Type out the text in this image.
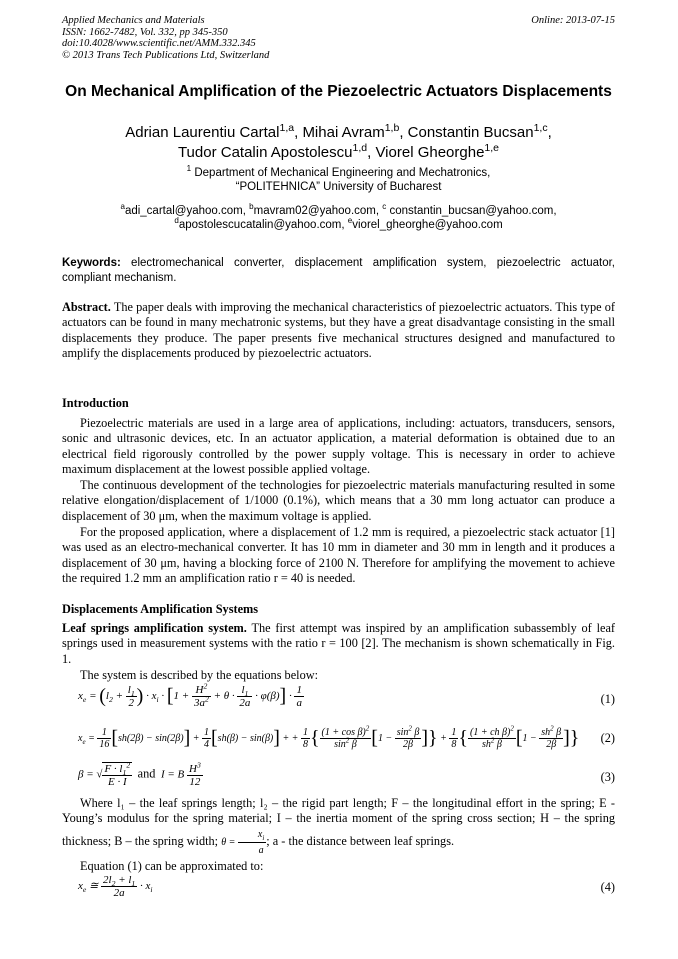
Applied Mechanics and Materials
ISSN: 1662-7482, Vol. 332, pp 345-350
doi:10.4028/www.scientific.net/AMM.332.345
© 2013 Trans Tech Publications Ltd, Switzerland
Online: 2013-07-15
On Mechanical Amplification of the Piezoelectric Actuators Displacements
Adrian Laurentiu Cartal$^{1,a}$, Mihai Avram$^{1,b}$, Constantin Bucsan$^{1,c}$,
Tudor Catalin Apostolescu$^{1,d}$, Viorel Gheorghe$^{1,e}$
$^1$ Department of Mechanical Engineering and Mechatronics,
“POLITEHNICA” University of Bucharest
$^a$adi_cartal@yahoo.com, $^b$mavram02@yahoo.com, $^c$ constantin_bucsan@yahoo.com,
$^d$apostolescucatalin@yahoo.com, $^e$viorel_gheorghe@yahoo.com
Keywords: electromechanical converter, displacement amplification system, piezoelectric actuator, compliant mechanism.
Abstract. The paper deals with improving the mechanical characteristics of piezoelectric actuators. This type of actuators can be found in many mechatronic systems, but they have a great disadvantage consisting in the small displacements they produce. The paper presents five mechanical structures designed and manufactured to amplify the displacements produced by piezoelectric actuators.
Introduction
Piezoelectric materials are used in a large area of applications, including: actuators, transducers, sensors, sonic and ultrasonic devices, etc. In an actuator application, a material deformation is obtained due to an electrical field rigorously controlled by the power supply voltage. This is necessary in order to achieve maximum displacement at the lowest possible applied voltage.
The continuous development of the technologies for piezoelectric materials manufacturing resulted in some relative elongation/displacement of 1/1000 (0.1%), which means that a 30 mm long actuator can produce a displacement of 30 μm, when the maximum voltage is applied.
For the proposed application, where a displacement of 1.2 mm is required, a piezoelectric stack actuator [1] was used as an electro-mechanical converter. It has 10 mm in diameter and 30 mm in length and it produces a displacement of 30 μm, having a blocking force of 2100 N. Therefore for amplifying the movement to achieve the required 1.2 mm an amplification ratio r = 40 is needed.
Displacements Amplification Systems
Leaf springs amplification system. The first attempt was inspired by an amplification subassembly of leaf springs used in measurement systems with the ratio r = 100 [2]. The mechanism is shown schematically in Fig. 1.
The system is described by the equations below:
$x_e = (l_2 + \frac{l_1}{2}$ ) · $x_i \cdot [1 + \frac{H^2}{3a^2} + \theta \cdot \frac{l_1}{2a} \cdot \varphi(\beta)] \cdot \frac{1}{a}$	(1)
$x_e = \frac{1}{16} [sh(2\beta) - \sin(2\beta)] + \frac{1}{4} [sh(\beta) - \sin(\beta)]$ + + $\frac{1}{8}$ { $\frac{(1 + \cos \beta)^2}{\sin^2 \beta} [1 - \frac{\sin^2 \beta}{2\beta}$ ]} + $\frac{1}{8}$ { $\frac{(1 + ch \beta)^2}{sh^2 \beta} [1 - \frac{sh^2 \beta}{2\beta}$ ]} (2)
β = √ $\frac{F \cdot l_1^2}{E \cdot I}$ and  I = B $\frac{H^3}{12}$	(3)
Where l₁ – the leaf springs length; l₂ – the rigid part length; F – the longitudinal effort in the spring; E - Young’s modulus for the spring material; I – the inertia moment of the spring cross section; H – the spring thickness; B – the spring width; $\theta = \frac{x_i}{a}$ ; a - the distance between leaf springs.
Equation (1) can be approximated to:
$x_e$ ≅ $\frac{2l_2 + l_1}{2a} \cdot x_i$	(4)
